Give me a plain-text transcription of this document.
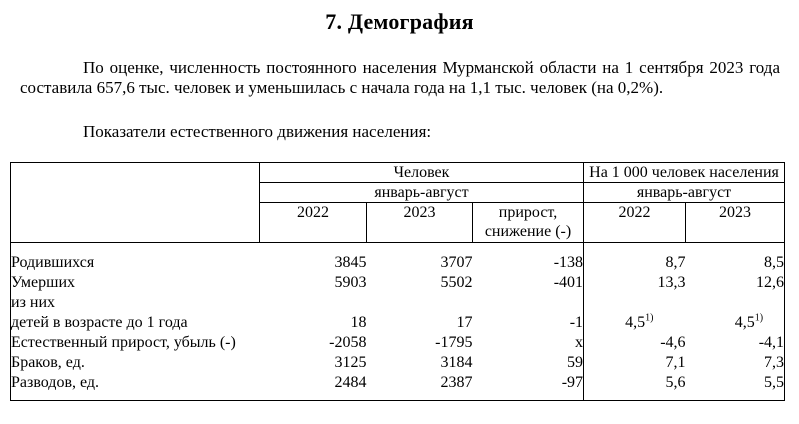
7. Демография

По оценке, численность постоянного населения Мурманской области на 1 сентября 2023 года составила 657,6 тыс. человек и уменьшилась с начала года на 1,1 тыс. человек (на 0,2%).

Показатели естественного движения населения:

	Человек			На 1 000 человек населения	
	январь-август			январь-август	
	2022	2023	прирост, снижение (-)	2022	2023

Родившихся	3845	3707	-138	8,7	8,5
Умерших	5903	5502	-401	13,3	12,6
из них					
детей в возрасте до 1 года	18	17	-1	4,5$^{1)}$	4,5$^{1)}$
Естественный прирост, убыль (-)	-2058	-1795	x	-4,6	-4,1
Браков, ед.	3125	3184	59	7,1	7,3
Разводов, ед.	2484	2387	-97	5,6	5,5
